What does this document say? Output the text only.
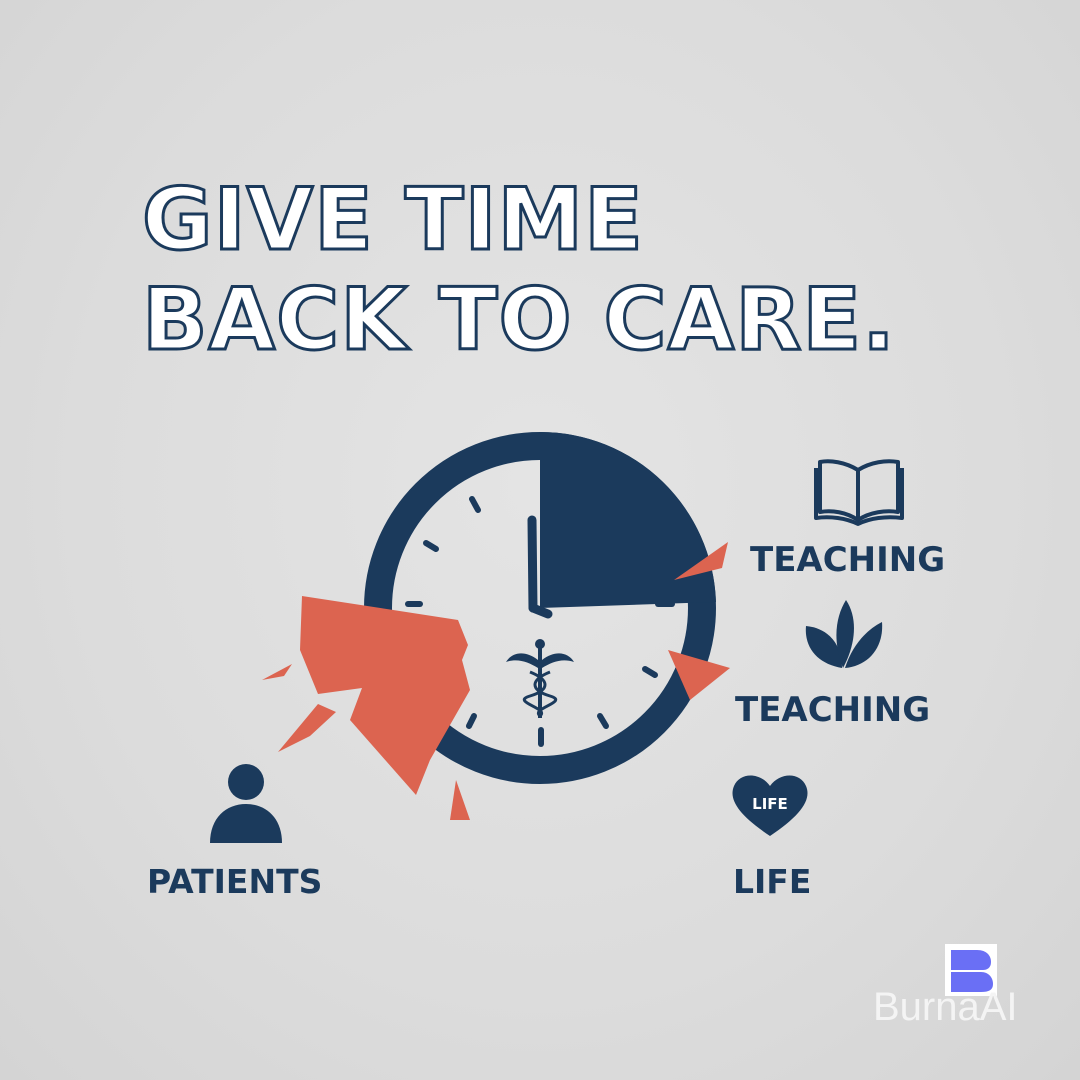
GIVE TIME
BACK TO CARE.

TEACHING

TEACHING

PATIENTS	LIFE

LIFE

BurnaAI
